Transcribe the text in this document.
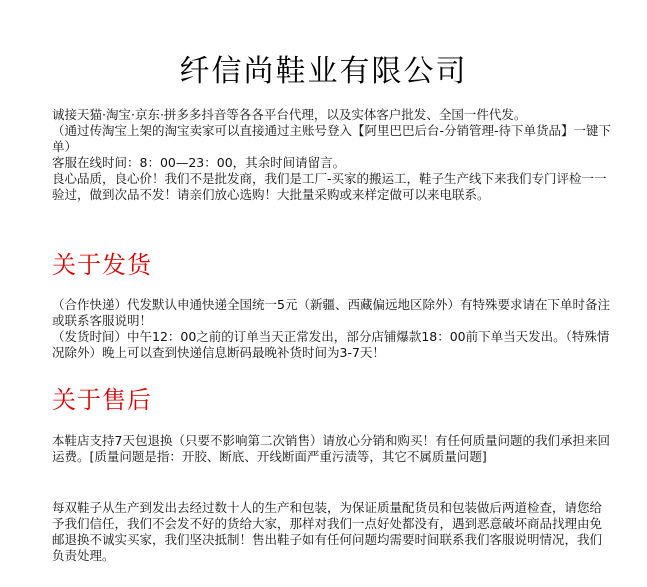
纤信尚鞋业有限公司

诚接天猫·淘宝·京东·拼多多抖音等各各平台代理，以及实体客户批发、全国一件代发。

（通过传淘宝上架的淘宝卖家可以直接通过主账号登入【阿里巴巴后台-分销管理-待下单货品】一键下单）

客服在线时间：8：00—23：00，其余时间请留言。

良心品质，良心价！我们不是批发商，我们是工厂-买家的搬运工，鞋子生产线下来我们专门评检一一验过，做到次品不发！请亲们放心选购！大批量采购或来样定做可以来电联系。

关于发货

（合作快递）代发默认申通快递全国统一5元（新疆、西藏偏远地区除外）有特殊要求请在下单时备注或联系客服说明！

（发货时间）中午12：00之前的订单当天正常发出，部分店铺爆款18：00前下单当天发出。（特殊情况除外）晚上可以查到快递信息断码最晚补货时间为3-7天！

关于售后

本鞋店支持7天包退换（只要不影响第二次销售）请放心分销和购买！有任何质量问题的我们承担来回运费。[质量问题是指：开胶、断底、开线断面严重污渍等，其它不属质量问题]

每双鞋子从生产到发出去经过数十人的生产和包装，为保证质量配货员和包装做后两道检查，请您给予我们信任，我们不会发不好的货给大家，那样对我们一点好处都没有，遇到恶意破坏商品找理由免邮退换不诚实买家，我们坚决抵制！售出鞋子如有任何问题均需要时间联系我们客服说明情况，我们负责处理。
